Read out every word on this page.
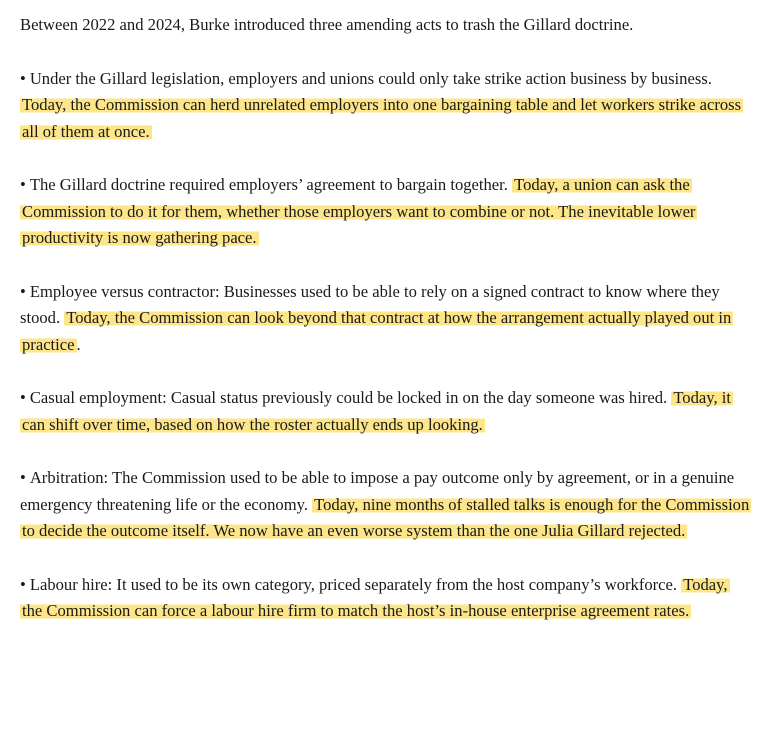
Between 2022 and 2024, Burke introduced three amending acts to trash the Gillard doctrine.

• Under the Gillard legislation, employers and unions could only take strike action business by business. Today, the Commission can herd unrelated employers into one bargaining table and let workers strike across all of them at once.

• The Gillard doctrine required employers’ agreement to bargain together. Today, a union can ask the Commission to do it for them, whether those employers want to combine or not. The inevitable lower productivity is now gathering pace.

• Employee versus contractor: Businesses used to be able to rely on a signed contract to know where they stood. Today, the Commission can look beyond that contract at how the arrangement actually played out in practice .

• Casual employment: Casual status previously could be locked in on the day someone was hired. Today, it can shift over time, based on how the roster actually ends up looking.

• Arbitration: The Commission used to be able to impose a pay outcome only by agreement, or in a genuine emergency threatening life or the economy. Today, nine months of stalled talks is enough for the Commission to decide the outcome itself. We now have an even worse system than the one Julia Gillard rejected.

• Labour hire: It used to be its own category, priced separately from the host company’s workforce. Today, the Commission can force a labour hire firm to match the host’s in-house enterprise agreement rates.
